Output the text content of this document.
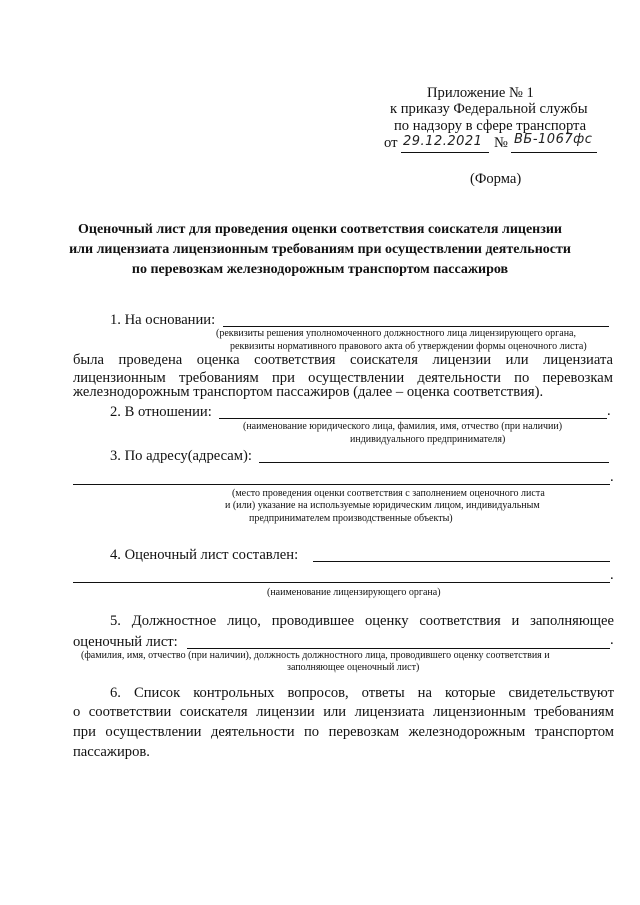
Приложение № 1
к приказу Федеральной службы
по надзору в сфере транспорта
от 29.12.2021 № ВБ-1067фс
(Форма)
Оценочный лист для проведения оценки соответствия соискателя лицензии
или лицензиата лицензионным требованиям при осуществлении деятельности
по перевозкам железнодорожным транспортом пассажиров
1. На основании:
(реквизиты решения уполномоченного должностного лица лицензирующего органа,
реквизиты нормативного правового акта об утверждении формы оценочного листа)
была проведена оценка соответствия соискателя лицензии или лицензиата
лицензионным требованиям при осуществлении деятельности по перевозкам
железнодорожным транспортом пассажиров (далее – оценка соответствия).
2. В отношении:	.
(наименование юридического лица, фамилия, имя, отчество (при наличии)
индивидуального предпринимателя)
3. По адресу(адресам):
.
(место проведения оценки соответствия с заполнением оценочного листа
и (или) указание на используемые юридическим лицом, индивидуальным
предпринимателем производственные объекты)
4. Оценочный лист составлен:
.
(наименование лицензирующего органа)
5. Должностное лицо, проводившее оценку соответствия и заполняющее
оценочный лист:	.
(фамилия, имя, отчество (при наличии), должность должностного лица, проводившего оценку соответствия и
заполняющее оценочный лист)
6. Список контрольных вопросов, ответы на которые свидетельствуют
о соответствии соискателя лицензии или лицензиата лицензионным требованиям
при осуществлении деятельности по перевозкам железнодорожным транспортом
пассажиров.
